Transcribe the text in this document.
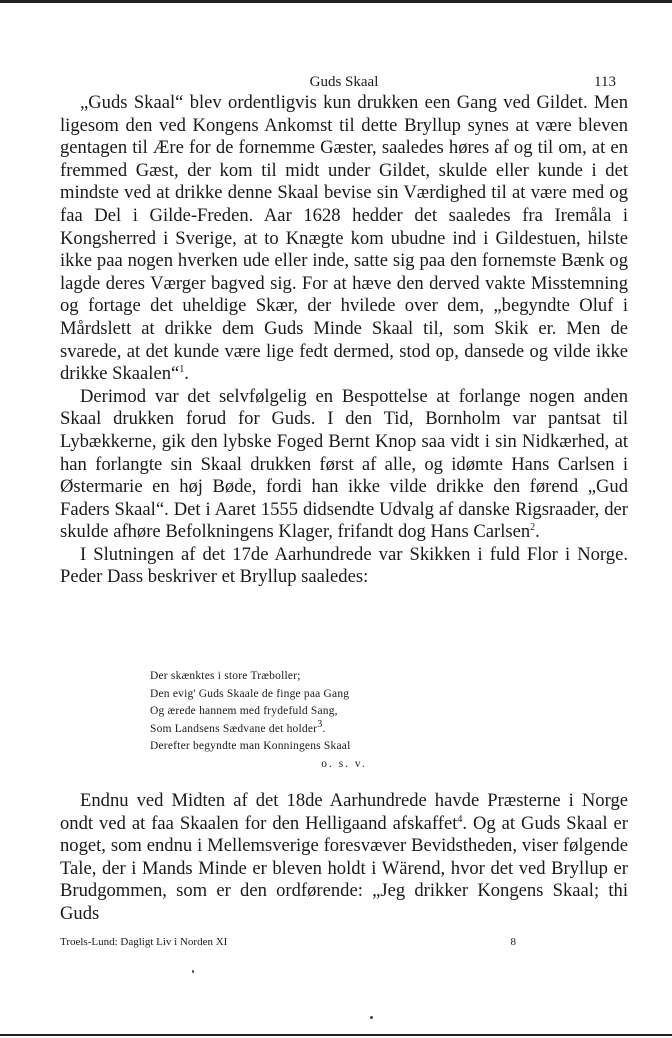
Guds Skaal	113

„Guds Skaal“ blev ordentligvis kun drukken een Gang ved Gildet. Men ligesom den ved Kongens Ankomst til dette Bryllup synes at være bleven gentagen til Ære for de fornemme Gæster, saaledes høres af og til om, at en fremmed Gæst, der kom til midt under Gildet, skulde eller kunde i det mindste ved at drikke denne Skaal bevise sin Værdighed til at være med og faa Del i Gilde-Freden. Aar 1628 hedder det saaledes fra Iremåla i Kongsherred i Sverige, at to Knægte kom ubudne ind i Gildestuen, hilste ikke paa nogen hverken ude eller inde, satte sig paa den fornemste Bænk og lagde deres Værger bagved sig. For at hæve den derved vakte Misstemning og fortage det uheldige Skær, der hvilede over dem, „begyndte Oluf i Mårdslett at drikke dem Guds Minde Skaal til, som Skik er. Men de svarede, at det kunde være lige fedt dermed, stod op, dansede og vilde ikke drikke Skaalen“$^1$.

Derimod var det selvfølgelig en Bespottelse at forlange nogen anden Skaal drukken forud for Guds. I den Tid, Bornholm var pantsat til Lybækkerne, gik den lybske Foged Bernt Knop saa vidt i sin Nidkærhed, at han forlangte sin Skaal drukken først af alle, og idømte Hans Carlsen i Østermarie en høj Bøde, fordi han ikke vilde drikke den førend „Gud Faders Skaal“. Det i Aaret 1555 didsendte Udvalg af danske Rigsraader, der skulde afhøre Befolkningens Klager, frifandt dog Hans Carlsen$^2$.

I Slutningen af det 17de Aarhundrede var Skikken i fuld Flor i Norge. Peder Dass beskriver et Bryllup saaledes:

Der skænktes i store Træboller;
Den evig' Guds Skaale de finge paa Gang
Og ærede hannem med frydefuld Sang,
Som Landsens Sædvane det holder$^3$.
Derefter begyndte man Konningens Skaal
o. s. v.

Endnu ved Midten af det 18de Aarhundrede havde Præsterne i Norge ondt ved at faa Skaalen for den Helligaand afskaffet$^4$. Og at Guds Skaal er noget, som endnu i Mellemsverige foresvæver Bevidstheden, viser følgende Tale, der i Mands Minde er bleven holdt i Wärend, hvor det ved Bryllup er Brudgommen, som er den ordførende: „Jeg drikker Kongens Skaal; thi Guds

Troels-Lund: Dagligt Liv i Norden XI	8
